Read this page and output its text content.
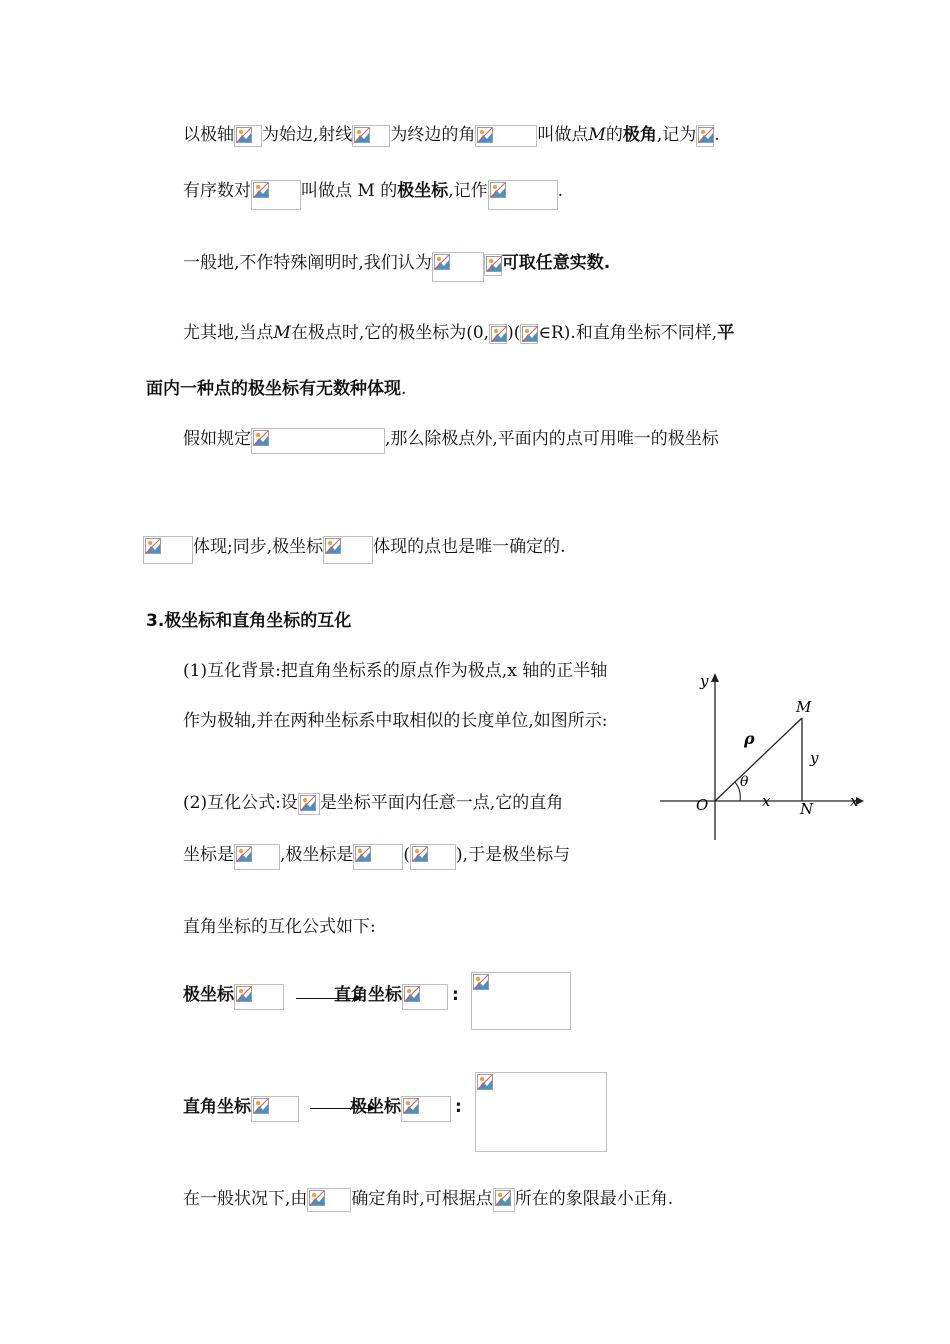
以极轴 为始边,射线 为终边的角	叫做点M的极角,记为 .
有序数对	叫做点 M 的极坐标,记作	.
一般地,不作特殊阐明时,我们认为	可取任意实数.
尤其地,当点M在极点时,它的极坐标为(0, )( ∈R).和直角坐标不同样,平
面内一种点的极坐标有无数种体现.
假如规定	,那么除极点外,平面内的点可用唯一的极坐标
体现;同步,极坐标	体现的点也是唯一确定的.
3.极坐标和直角坐标的互化
(1)互化背景:把直角坐标系的原点作为极点,x 轴的正半轴
作为极轴,并在两种坐标系中取相似的长度单位,如图所示:
(2)互化公式:设 是坐标平面内任意一点,它的直角
坐标是	,极坐标是	(	),于是极坐标与
直角坐标的互化公式如下:
极坐标	直角坐标	:
直角坐标	极坐标	:
在一般状况下,由	确定角时,可根据点 所在的象限最小正角.
y
M
ρ
y
θ
O	x N x
